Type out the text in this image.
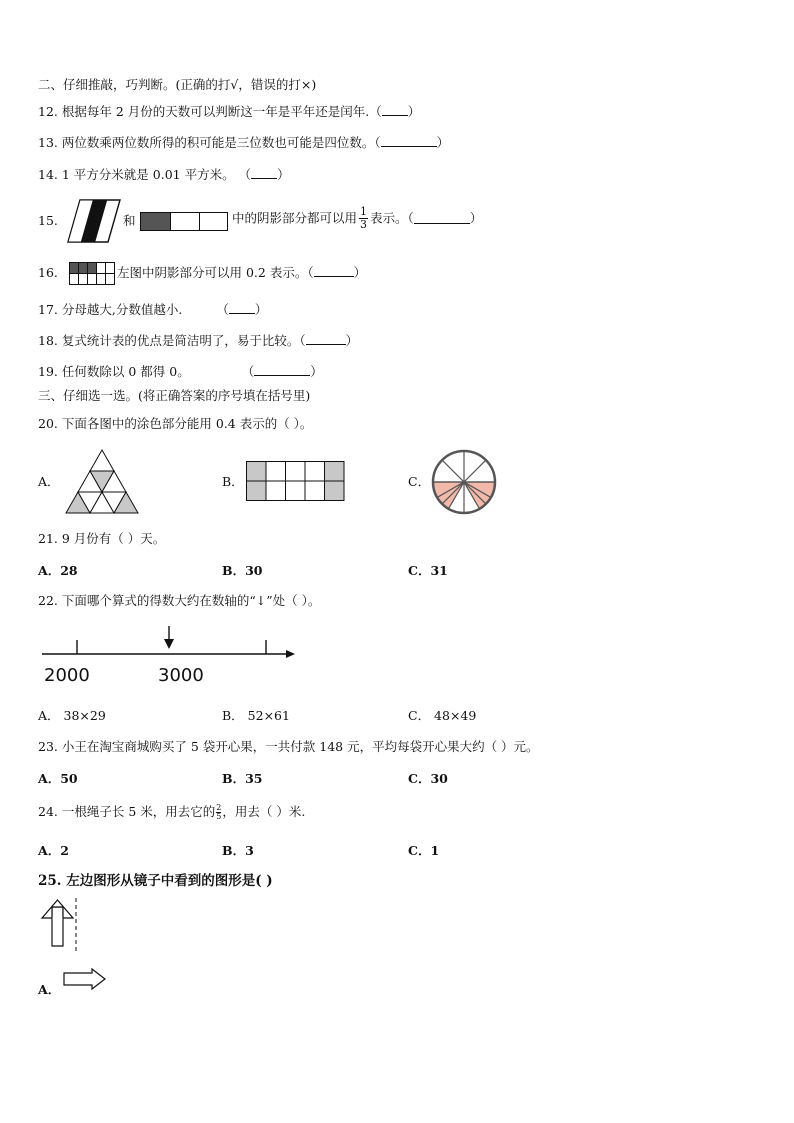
二、仔细推敲，巧判断。(正确的打√，错误的打×)
12. 根据每年 2 月份的天数可以判断这一年是平年还是闰年.（ ）
13. 两位数乘两位数所得的积可能是三位数也可能是四位数。（	）
14. 1 平方分米就是 0.01 平方米。 （ ）
15.	和	中的阴影部分都可以用 $\frac{1}{3}$ 表示。（	）
16.	左图中阴影部分可以用 0.2 表示。（	）
17. 分母越大,分数值越小.	（ ）
18. 复式统计表的优点是简洁明了，易于比较。（	）
19. 任何数除以 0 都得 0。	（	）
三、仔细选一选。(将正确答案的序号填在括号里)
20. 下面各图中的涂色部分能用 0.4 表示的（ ）。
A．	B．	C．
21. 9 月份有（ ）天。
A．28	B．30	C．31
22. 下面哪个算式的得数大约在数轴的“↓”处（ ）。
2000	3000
A． 38×29	B． 52×61	C． 48×49
23. 小王在淘宝商城购买了 5 袋开心果，一共付款 148 元，平均每袋开心果大约（ ）元。
A．50	B．35	C．30
24. 一根绳子长 5 米，用去它的 $\frac{2}{5}$ ，用去（ ）米.
A．2	B．3	C．1
25. 左边图形从镜子中看到的图形是( )
A．
